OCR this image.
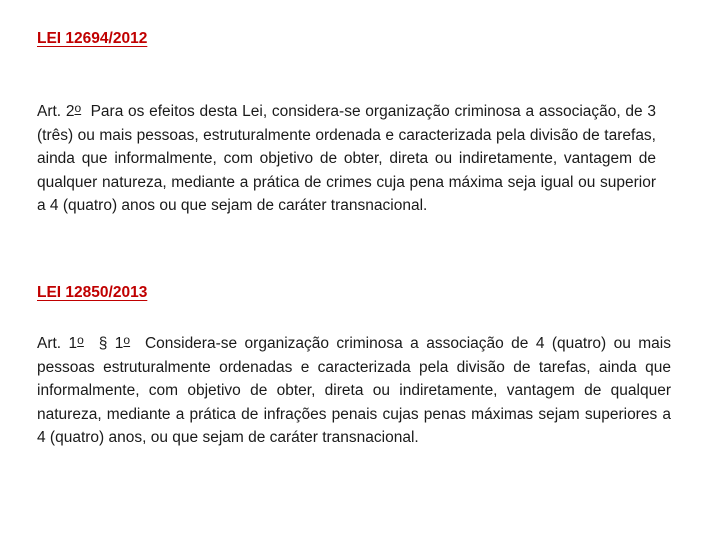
LEI 12694/2012

Art. 2$^o$ Para os efeitos desta Lei, considera-se organização criminosa a associação, de 3 (três) ou mais pessoas, estruturalmente ordenada e caracterizada pela divisão de tarefas, ainda que informalmente, com objetivo de obter, direta ou indiretamente, vantagem de qualquer natureza, mediante a prática de crimes cuja pena máxima seja igual ou superior a 4 (quatro) anos ou que sejam de caráter transnacional.

LEI 12850/2013

Art. 1$^o$ § 1$^o$ Considera-se organização criminosa a associação de 4 (quatro) ou mais pessoas estruturalmente ordenadas e caracterizada pela divisão de tarefas, ainda que informalmente, com objetivo de obter, direta ou indiretamente, vantagem de qualquer natureza, mediante a prática de infrações penais cujas penas máximas sejam superiores a 4 (quatro) anos, ou que sejam de caráter transnacional.
